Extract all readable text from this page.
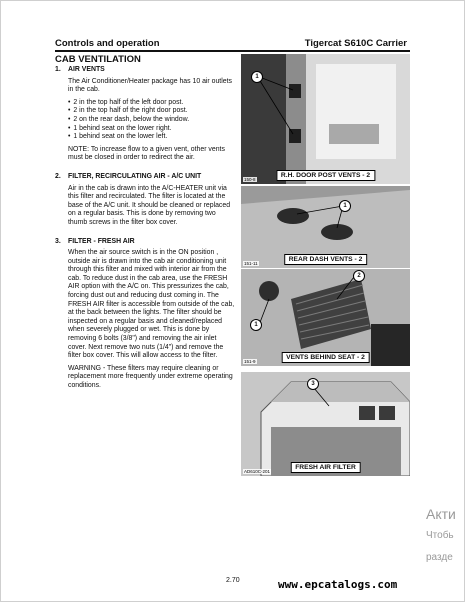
Controls and operation	Tigercat S610C Carrier
CAB VENTILATION
1. AIR VENTS
The Air Conditioner/Heater package has 10 air outlets in the cab.
• 2 in the top half of the left door post.
• 2 in the top half of the right door post.
• 2 on the rear dash, below the window.
• 1 behind seat on the lower right.
• 1 behind seat on the lower left.
NOTE: To increase flow to a given vent, other vents must be closed in order to redirect the air.
2. FILTER, RECIRCULATING AIR - A/C UNIT
Air in the cab is drawn into the A/C-HEATER unit via this filter and recirculated. The filter is located at the base of the A/C unit. It should be cleaned or replaced on a regular basis. This is done by removing two thumb screws in the filter box cover.
3. FILTER - FRESH AIR
When the air source switch is in the ON position , outside air is drawn into the cab air conditioning unit through this filter and mixed with interior air from the cab. To reduce dust in the cab area, use the FRESH AIR option with the A/C on. This pressurizes the cab, forcing dust out and reducing dust coming in. The FRESH AIR filter is accessible from outside of the cab, at the back between the lights. The filter should be inspected on a regular basis and cleaned/replaced when severely plugged or wet. This is done by removing 6 bolts (3/8") and removing the air inlet cover. Next remove two nuts (1/4") and remove the filter box cover. This will allow access to the filter.
WARNING - These filters may require cleaning or replacement more frequently under extreme operating conditions.
1
150-8
R.H. DOOR POST VENTS - 2
1
151-11
REAR DASH VENTS - 2
2
1
151-9
VENTS BEHIND SEAT - 2
3
AD610C-201
FRESH AIR FILTER
2.70	www.epcatalogs.com
Акти
Чтобь
разде
